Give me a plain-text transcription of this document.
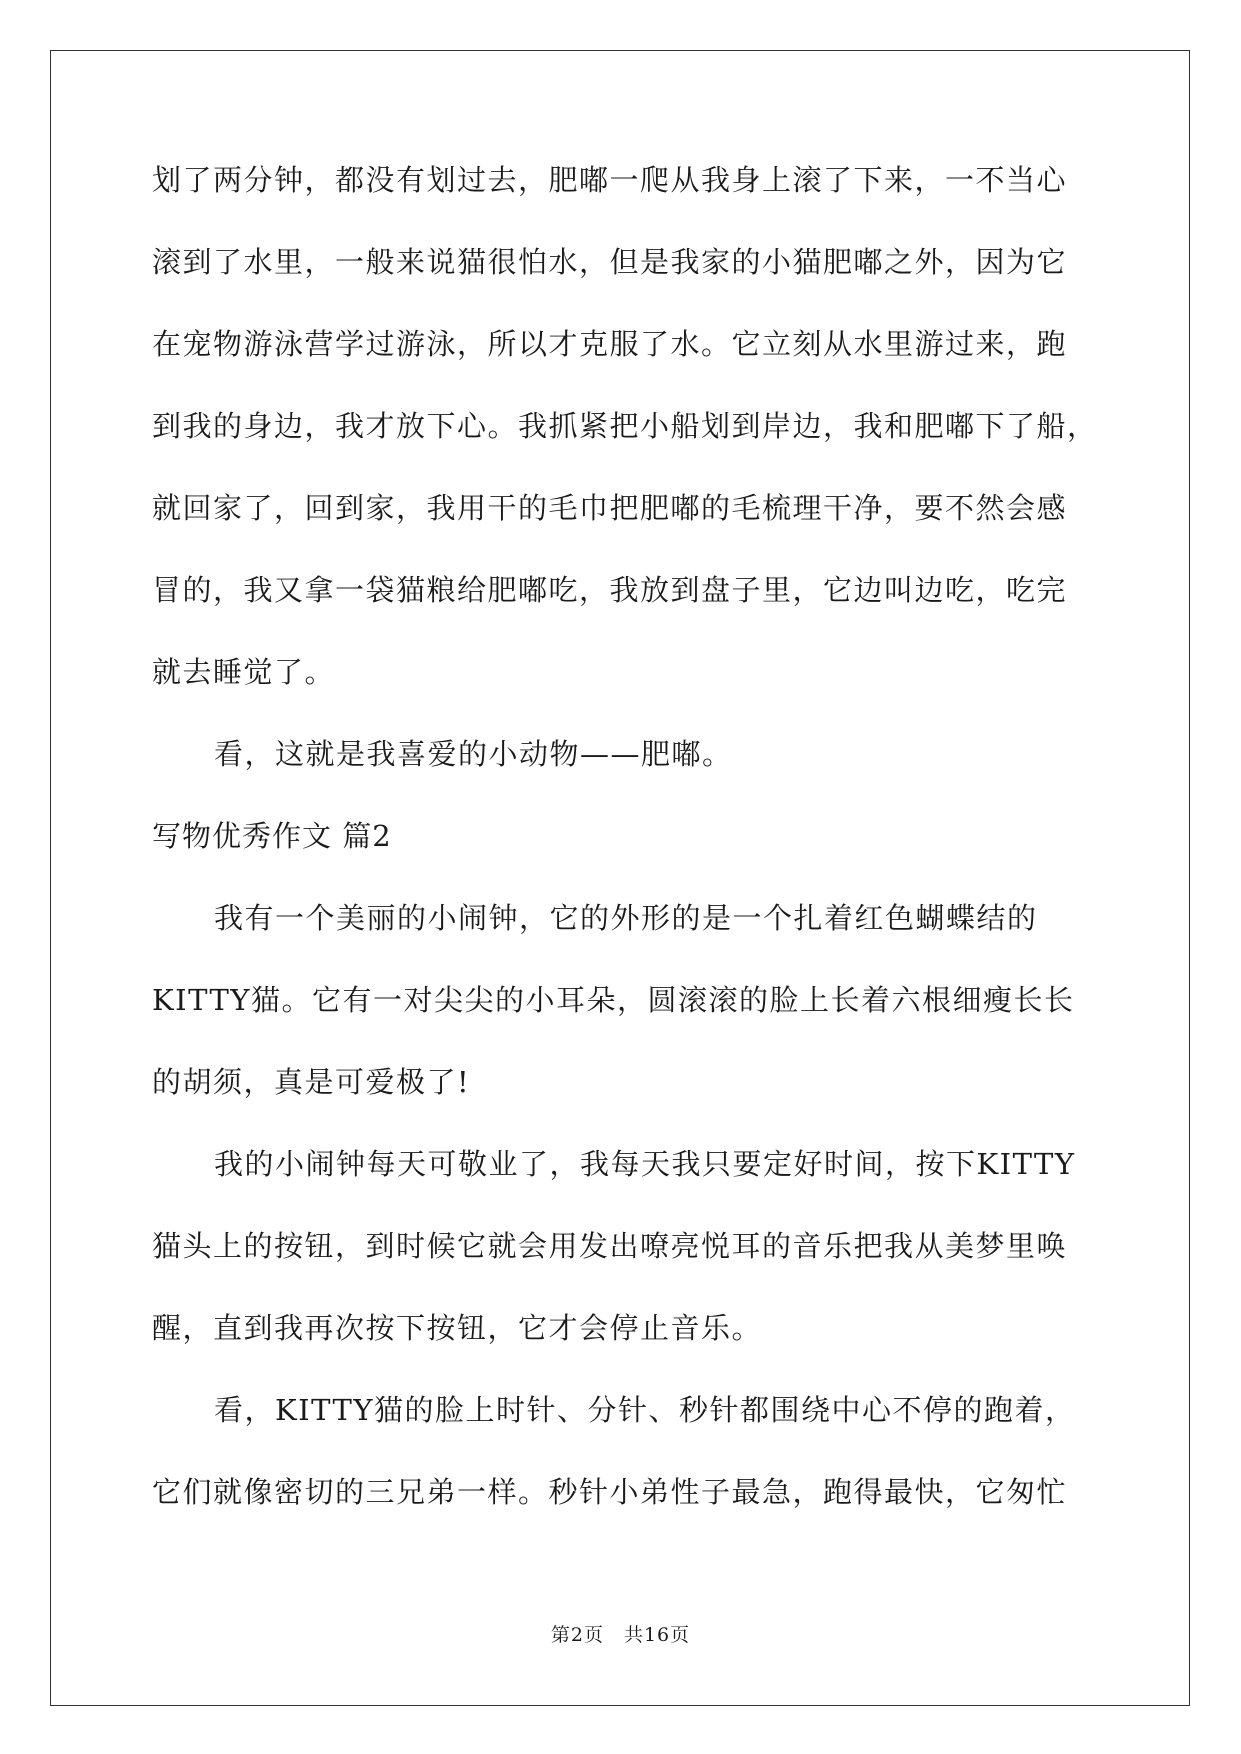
划了两分钟，都没有划过去，肥嘟一爬从我身上滚了下来，一不当心
滚到了水里，一般来说猫很怕水，但是我家的小猫肥嘟之外，因为它
在宠物游泳营学过游泳，所以才克服了水。它立刻从水里游过来，跑
到我的身边，我才放下心。我抓紧把小船划到岸边，我和肥嘟下了船，
就回家了，回到家，我用干的毛巾把肥嘟的毛梳理干净，要不然会感
冒的，我又拿一袋猫粮给肥嘟吃，我放到盘子里，它边叫边吃，吃完
就去睡觉了。
看，这就是我喜爱的小动物——肥嘟。
写物优秀作文 篇2
我有一个美丽的小闹钟，它的外形的是一个扎着红色蝴蝶结的
KITTY猫。它有一对尖尖的小耳朵，圆滚滚的脸上长着六根细瘦长长
的胡须，真是可爱极了!
我的小闹钟每天可敬业了，我每天我只要定好时间，按下KITTY
猫头上的按钮，到时候它就会用发出嘹亮悦耳的音乐把我从美梦里唤
醒，直到我再次按下按钮，它才会停止音乐。
看，KITTY猫的脸上时针、分针、秒针都围绕中心不停的跑着，
它们就像密切的三兄弟一样。秒针小弟性子最急，跑得最快，它匆忙
第2页　共16页
